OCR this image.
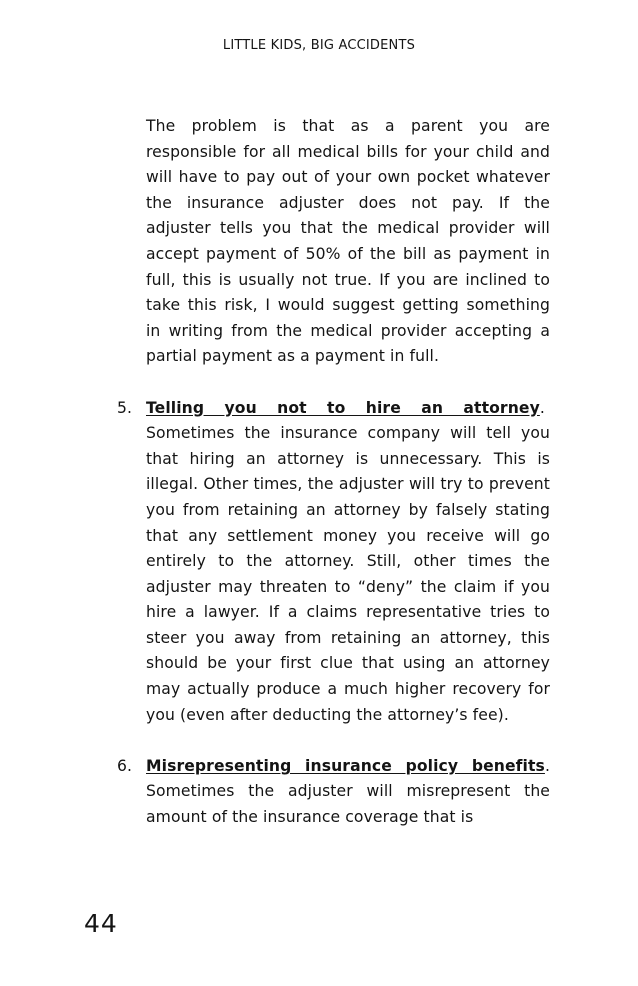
LITTLE KIDS, BIG ACCIDENTS

The problem is that as a parent you are responsible for all medical bills for your child and will have to pay out of your own pocket whatever the insurance adjuster does not pay. If the adjuster tells you that the medical provider will accept payment of 50% of the bill as payment in full, this is usually not true. If you are inclined to take this risk, I would suggest getting something in writing from the medical provider accepting a partial payment as a payment in full.

5. Telling you not to hire an attorney.  Sometimes the insurance company will tell you that hiring an attorney is unnecessary. This is illegal. Other times, the adjuster will try to prevent you from retaining an attorney by falsely stating that any settlement money you receive will go entirely to the attorney. Still, other times the adjuster may threaten to “deny” the claim if you hire a lawyer. If a claims representative tries to steer you away from retaining an attorney, this should be your first clue that using an attorney may actually produce a much higher recovery for you (even after deducting the attorney’s fee).
6. Misrepresenting insurance policy benefits. Sometimes the adjuster will misrepresent the amount of the insurance coverage that is
44
